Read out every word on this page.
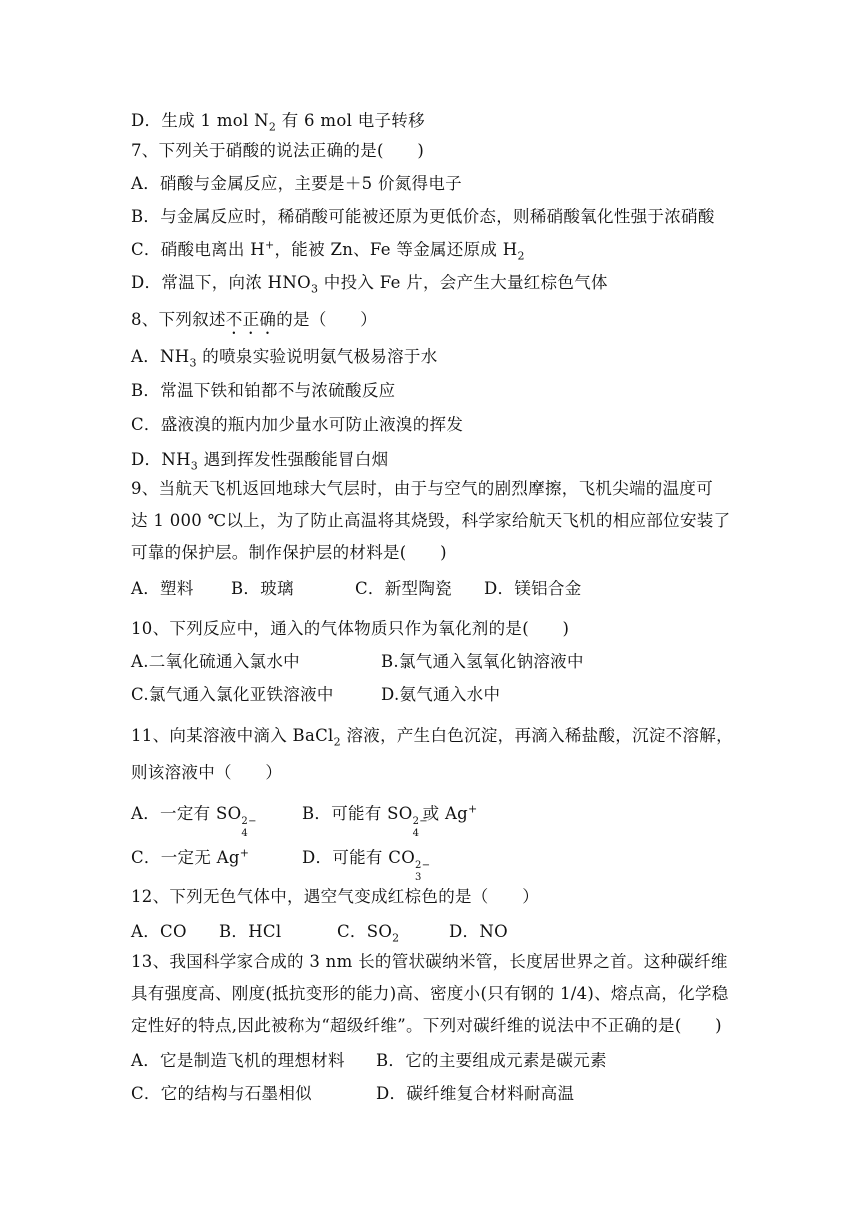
D．生成 1 mol $N_2$ 有 6 mol 电子转移
7、下列关于硝酸的说法正确的是(　　)
A．硝酸与金属反应，主要是＋5 价氮得电子
B．与金属反应时，稀硝酸可能被还原为更低价态，则稀硝酸氧化性强于浓硝酸
C．硝酸电离出 H+，能被 Zn、Fe 等金属还原成 $H_2$
D．常温下，向浓 $HNO_3$ 中投入 Fe 片，会产生大量红棕色气体
8、下列叙述不正确的是（　　）
A．$NH_3$ 的喷泉实验说明氨气极易溶于水
B．常温下铁和铂都不与浓硫酸反应
C．盛液溴的瓶内加少量水可防止液溴的挥发
D．$NH_3$ 遇到挥发性强酸能冒白烟
9、当航天飞机返回地球大气层时，由于与空气的剧烈摩擦，飞机尖端的温度可
达 1 000 ℃以上，为了防止高温将其烧毁，科学家给航天飞机的相应部位安装了
可靠的保护层。制作保护层的材料是(　　)
A．塑料 B．玻璃	C．新型陶瓷 D．镁铝合金
10、下列反应中，通入的气体物质只作为氧化剂的是(　　)
A.二氧化硫通入氯水中	B.氯气通入氢氧化钠溶液中
C.氯气通入氯化亚铁溶液中	D.氨气通入水中
11、向某溶液中滴入 BaCl$_2$ 溶液，产生白色沉淀，再滴入稀盐酸，沉淀不溶解，
则该溶液中（　　）
A．一定有 SO 2−
4
B．可能有 SO 2−
4
或 Ag+
C．一定无 Ag+	D．可能有 CO 2−
3
12、下列无色气体中，遇空气变成红棕色的是（　　）
A．CO B．HCl	C．$SO_2$	D．NO
13、我国科学家合成的 3 nm 长的管状碳纳米管，长度居世界之首。这种碳纤维
具有强度高、刚度(抵抗变形的能力)高、密度小(只有钢的 1/4)、熔点高，化学稳
定性好的特点,因此被称为“超级纤维”。下列对碳纤维的说法中不正确的是(　　)
A．它是制造飞机的理想材料 B．它的主要组成元素是碳元素
C．它的结构与石墨相似	D．碳纤维复合材料耐高温
